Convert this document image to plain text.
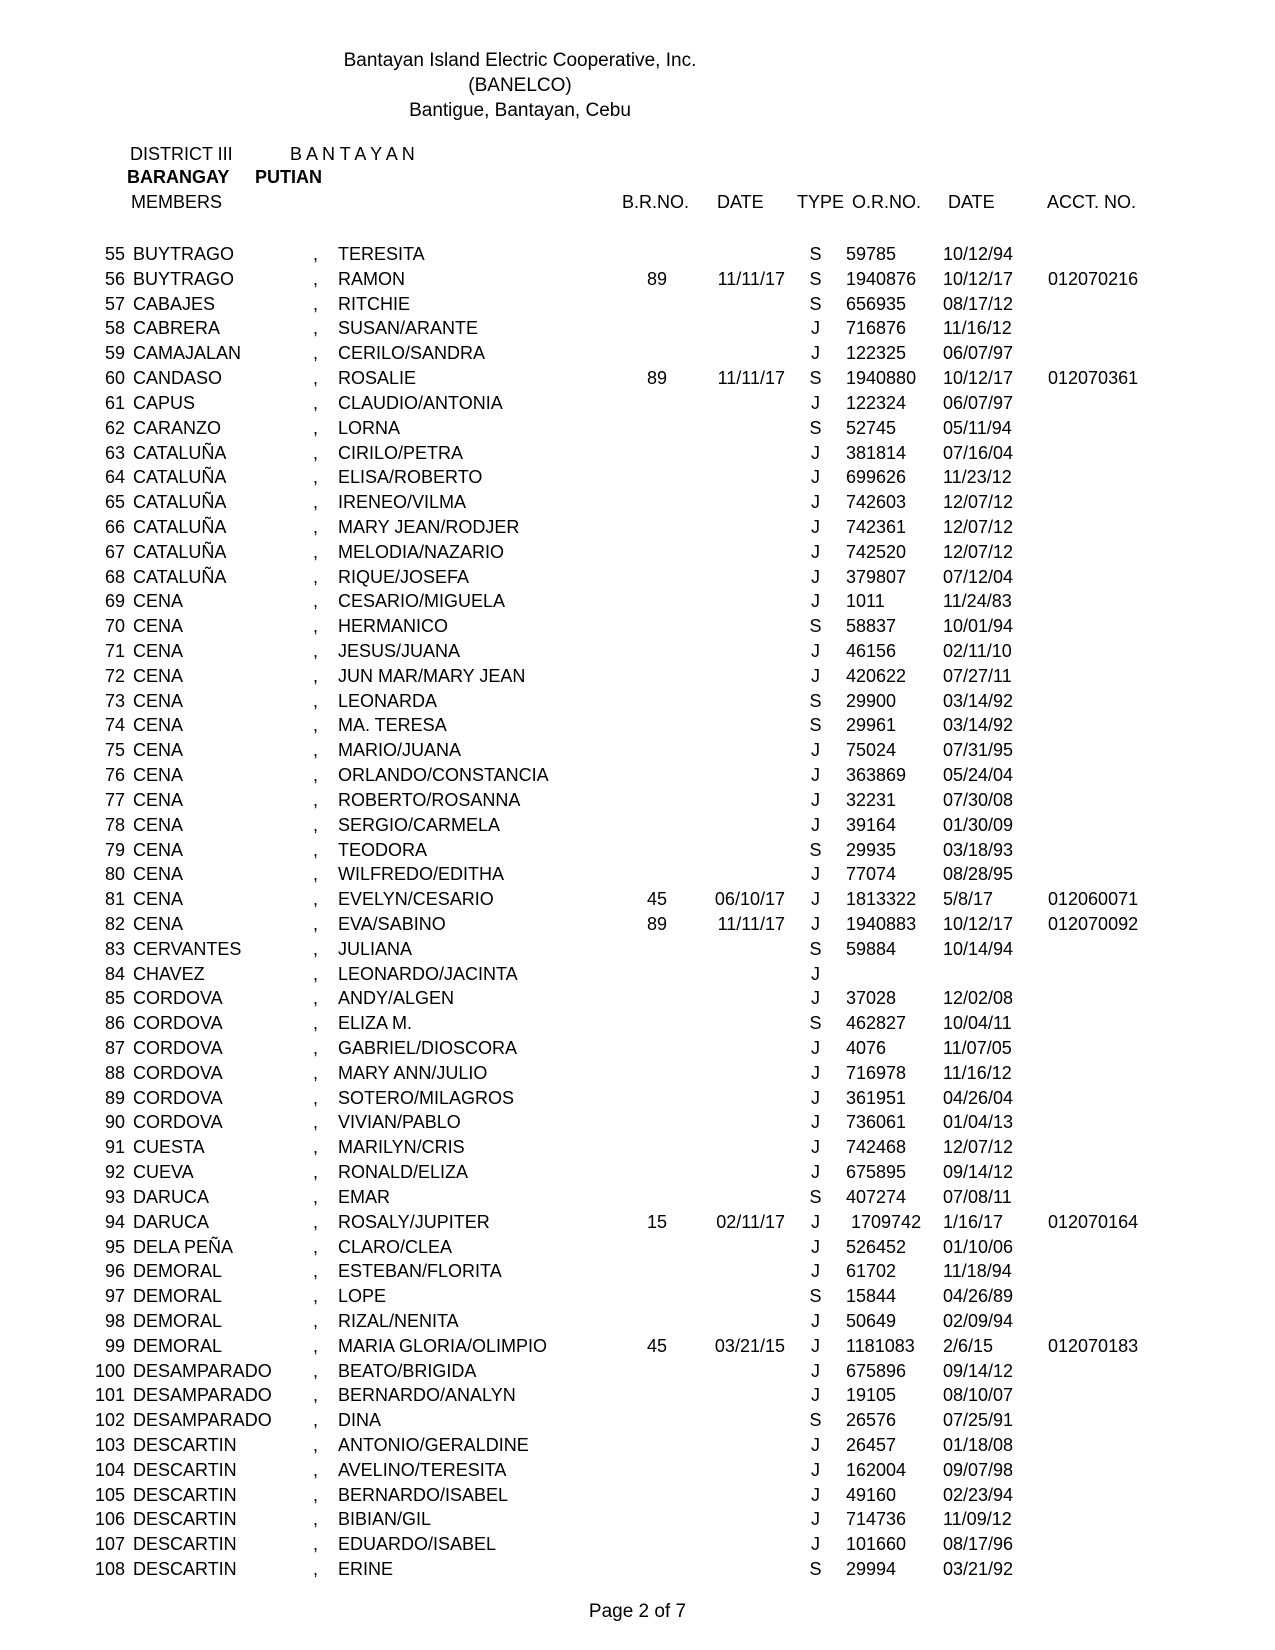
Bantayan Island Electric Cooperative, Inc.
(BANELCO)
Bantigue, Bantayan, Cebu
DISTRICT III	B A N T A Y A N
BARANGAY PUTIAN
MEMBERS	B.R.NO. DATE TYPE O.R.NO. DATE	ACCT. NO.
55 BUYTRAGO	,	TERESITA	S	59785	10/12/94
56 BUYTRAGO	,	RAMON	89	11/11/17	S	1940876	10/12/17	012070216
57 CABAJES	,	RITCHIE	S	656935	08/17/12
58 CABRERA	,	SUSAN/ARANTE	J	716876	11/16/12
59 CAMAJALAN	,	CERILO/SANDRA	J	122325	06/07/97
60 CANDASO	,	ROSALIE	89	11/11/17	S	1940880	10/12/17	012070361
61 CAPUS	,	CLAUDIO/ANTONIA	J	122324	06/07/97
62 CARANZO	,	LORNA	S	52745	05/11/94
63 CATALUÑA	,	CIRILO/PETRA	J	381814	07/16/04
64 CATALUÑA	,	ELISA/ROBERTO	J	699626	11/23/12
65 CATALUÑA	,	IRENEO/VILMA	J	742603	12/07/12
66 CATALUÑA	,	MARY JEAN/RODJER	J	742361	12/07/12
67 CATALUÑA	,	MELODIA/NAZARIO	J	742520	12/07/12
68 CATALUÑA	,	RIQUE/JOSEFA	J	379807	07/12/04
69 CENA	,	CESARIO/MIGUELA	J	1011	11/24/83
70 CENA	,	HERMANICO	S	58837	10/01/94
71 CENA	,	JESUS/JUANA	J	46156	02/11/10
72 CENA	,	JUN MAR/MARY JEAN	J	420622	07/27/11
73 CENA	,	LEONARDA	S	29900	03/14/92
74 CENA	,	MA. TERESA	S	29961	03/14/92
75 CENA	,	MARIO/JUANA	J	75024	07/31/95
76 CENA	,	ORLANDO/CONSTANCIA	J	363869	05/24/04
77 CENA	,	ROBERTO/ROSANNA	J	32231	07/30/08
78 CENA	,	SERGIO/CARMELA	J	39164	01/30/09
79 CENA	,	TEODORA	S	29935	03/18/93
80 CENA	,	WILFREDO/EDITHA	J	77074	08/28/95
81 CENA	,	EVELYN/CESARIO	45	06/10/17	J	1813322	5/8/17	012060071
82 CENA	,	EVA/SABINO	89	11/11/17	J	1940883	10/12/17	012070092
83 CERVANTES	,	JULIANA	S	59884	10/14/94
84 CHAVEZ	,	LEONARDO/JACINTA	J
85 CORDOVA	,	ANDY/ALGEN	J	37028	12/02/08
86 CORDOVA	,	ELIZA M.	S	462827	10/04/11
87 CORDOVA	,	GABRIEL/DIOSCORA	J	4076	11/07/05
88 CORDOVA	,	MARY ANN/JULIO	J	716978	11/16/12
89 CORDOVA	,	SOTERO/MILAGROS	J	361951	04/26/04
90 CORDOVA	,	VIVIAN/PABLO	J	736061	01/04/13
91 CUESTA	,	MARILYN/CRIS	J	742468	12/07/12
92 CUEVA	,	RONALD/ELIZA	J	675895	09/14/12
93 DARUCA	,	EMAR	S	407274	07/08/11
94 DARUCA	,	ROSALY/JUPITER	15	02/11/17	J	1709742	1/16/17	012070164
95 DELA PEÑA	,	CLARO/CLEA	J	526452	01/10/06
96 DEMORAL	,	ESTEBAN/FLORITA	J	61702	11/18/94
97 DEMORAL	,	LOPE	S	15844	04/26/89
98 DEMORAL	,	RIZAL/NENITA	J	50649	02/09/94
99 DEMORAL	,	MARIA GLORIA/OLIMPIO	45	03/21/15	J	1181083	2/6/15	012070183
100 DESAMPARADO	,	BEATO/BRIGIDA	J	675896	09/14/12
101 DESAMPARADO	,	BERNARDO/ANALYN	J	19105	08/10/07
102 DESAMPARADO	,	DINA	S	26576	07/25/91
103 DESCARTIN	,	ANTONIO/GERALDINE	J	26457	01/18/08
104 DESCARTIN	,	AVELINO/TERESITA	J	162004	09/07/98
105 DESCARTIN	,	BERNARDO/ISABEL	J	49160	02/23/94
106 DESCARTIN	,	BIBIAN/GIL	J	714736	11/09/12
107 DESCARTIN	,	EDUARDO/ISABEL	J	101660	08/17/96
108 DESCARTIN	,	ERINE	S	29994	03/21/92
Page 2 of 7
